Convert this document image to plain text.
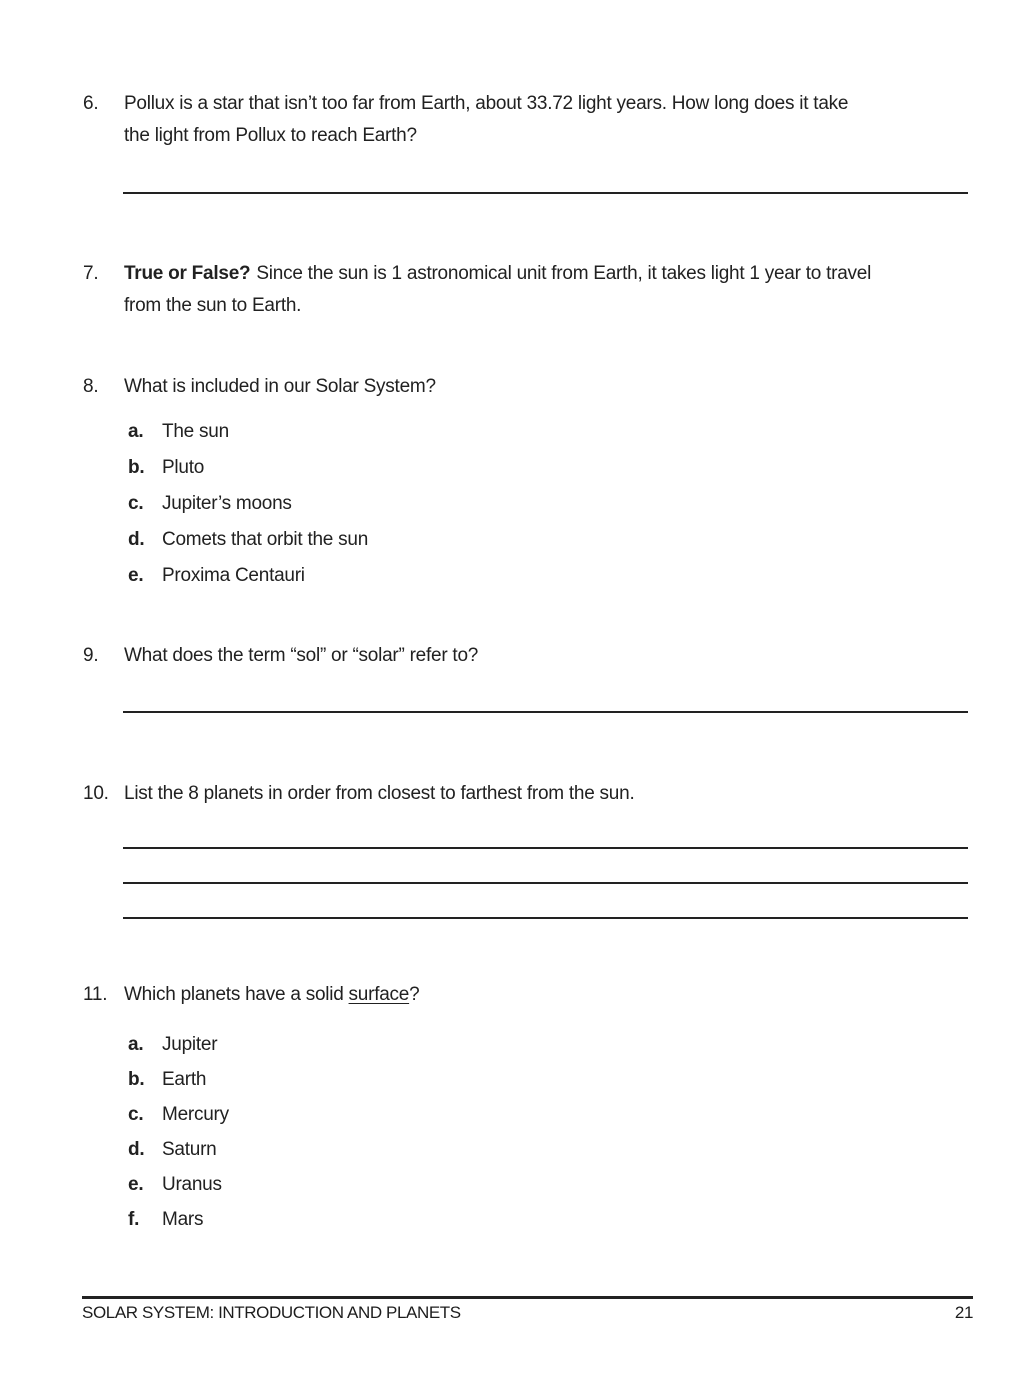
6.	Pollux is a star that isn’t too far from Earth, about 33.72 light years. How long does it take
the light from Pollux to reach Earth?
7.	True or False? Since the sun is 1 astronomical unit from Earth, it takes light 1 year to travel
from the sun to Earth.
8.	What is included in our Solar System?
a. The sun
b. Pluto
c. Jupiter’s moons
d. Comets that orbit the sun
e. Proxima Centauri
9.	What does the term “sol” or “solar” refer to?
10. List the 8 planets in order from closest to farthest from the sun.
11. Which planets have a solid surface?
a. Jupiter
b. Earth
c. Mercury
d. Saturn
e. Uranus
f.	Mars
SOLAR SYSTEM: INTRODUCTION AND PLANETS	21
